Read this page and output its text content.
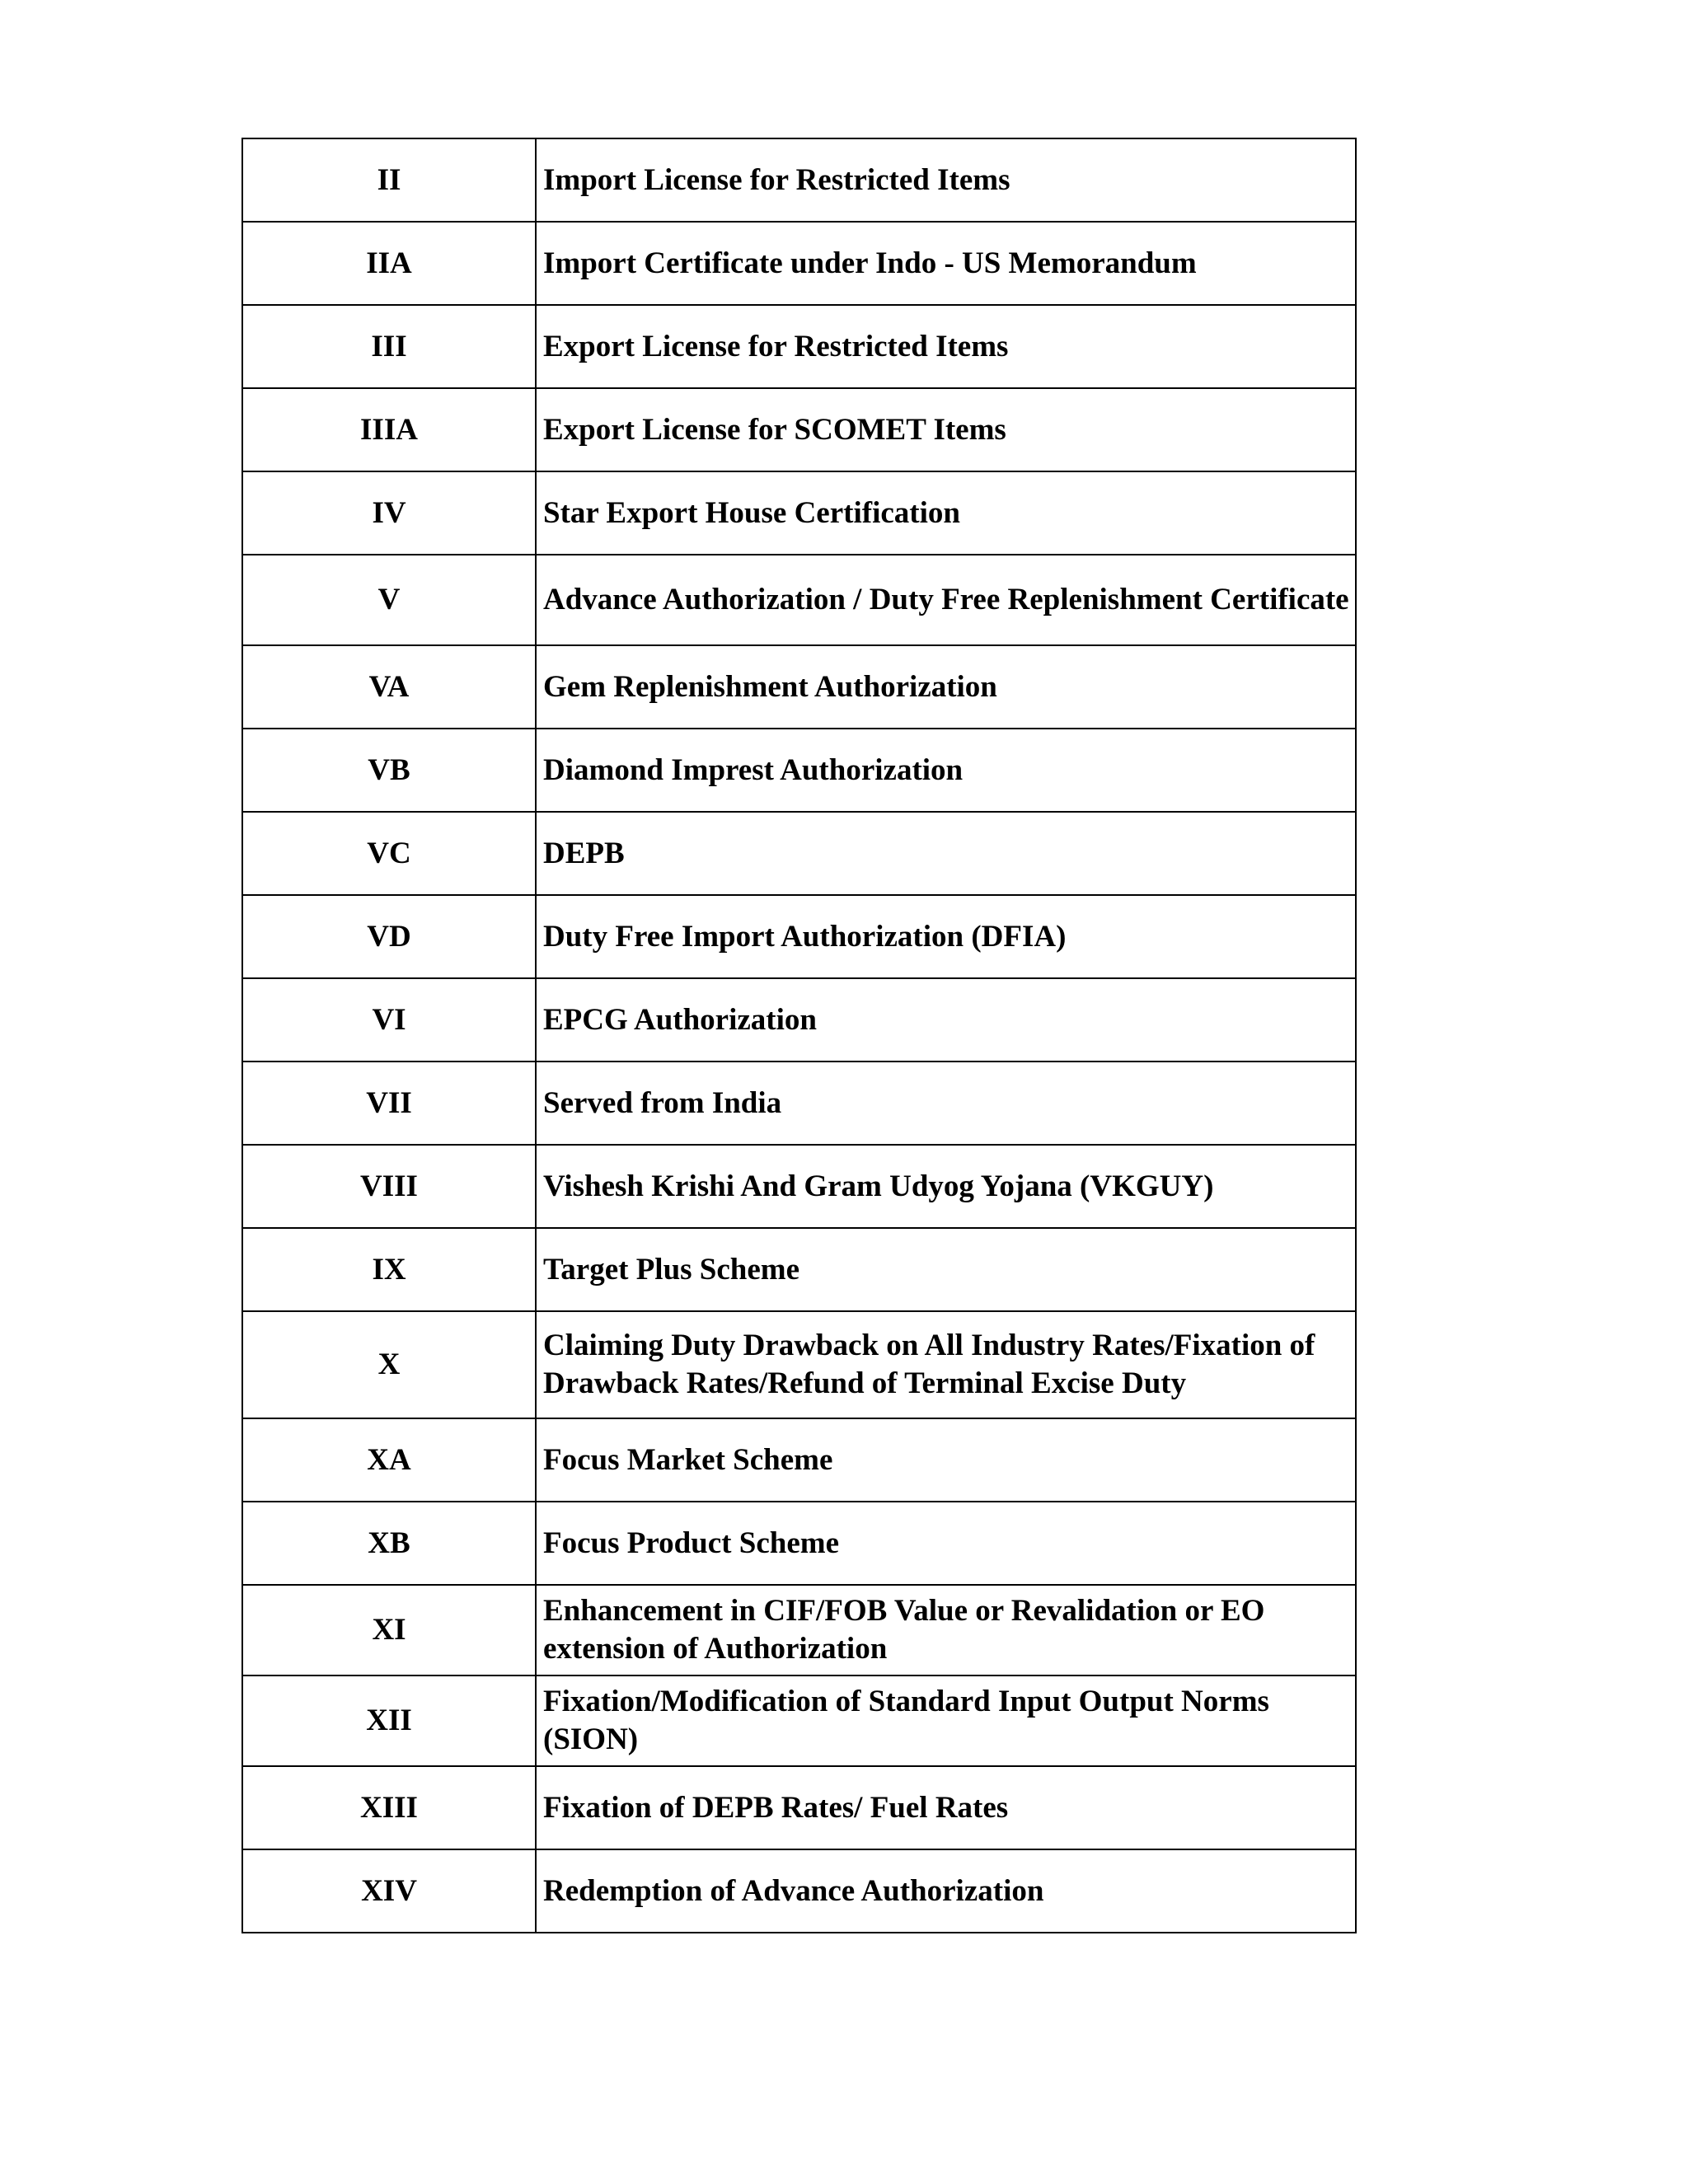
II	Import License for Restricted Items
IIA	Import Certificate under Indo - US Memorandum
III	Export License for Restricted Items
IIIA	Export License for SCOMET Items
IV	Star Export House Certification
V	Advance Authorization / Duty Free Replenishment Certificate
VA	Gem Replenishment Authorization
VB	Diamond Imprest Authorization
VC	DEPB
VD	Duty Free Import Authorization (DFIA)
VI	EPCG Authorization
VII	Served from India
VIII	Vishesh Krishi And Gram Udyog Yojana (VKGUY)
IX	Target Plus Scheme
X	Claiming Duty Drawback on All Industry Rates/Fixation of Drawback Rates/Refund of Terminal Excise Duty
XA	Focus Market Scheme
XB	Focus Product Scheme
XI	Enhancement in CIF/FOB Value or Revalidation or EO extension of Authorization
XII	Fixation/Modification of Standard Input Output Norms (SION)
XIII	Fixation of DEPB Rates/ Fuel Rates
XIV	Redemption of Advance Authorization
